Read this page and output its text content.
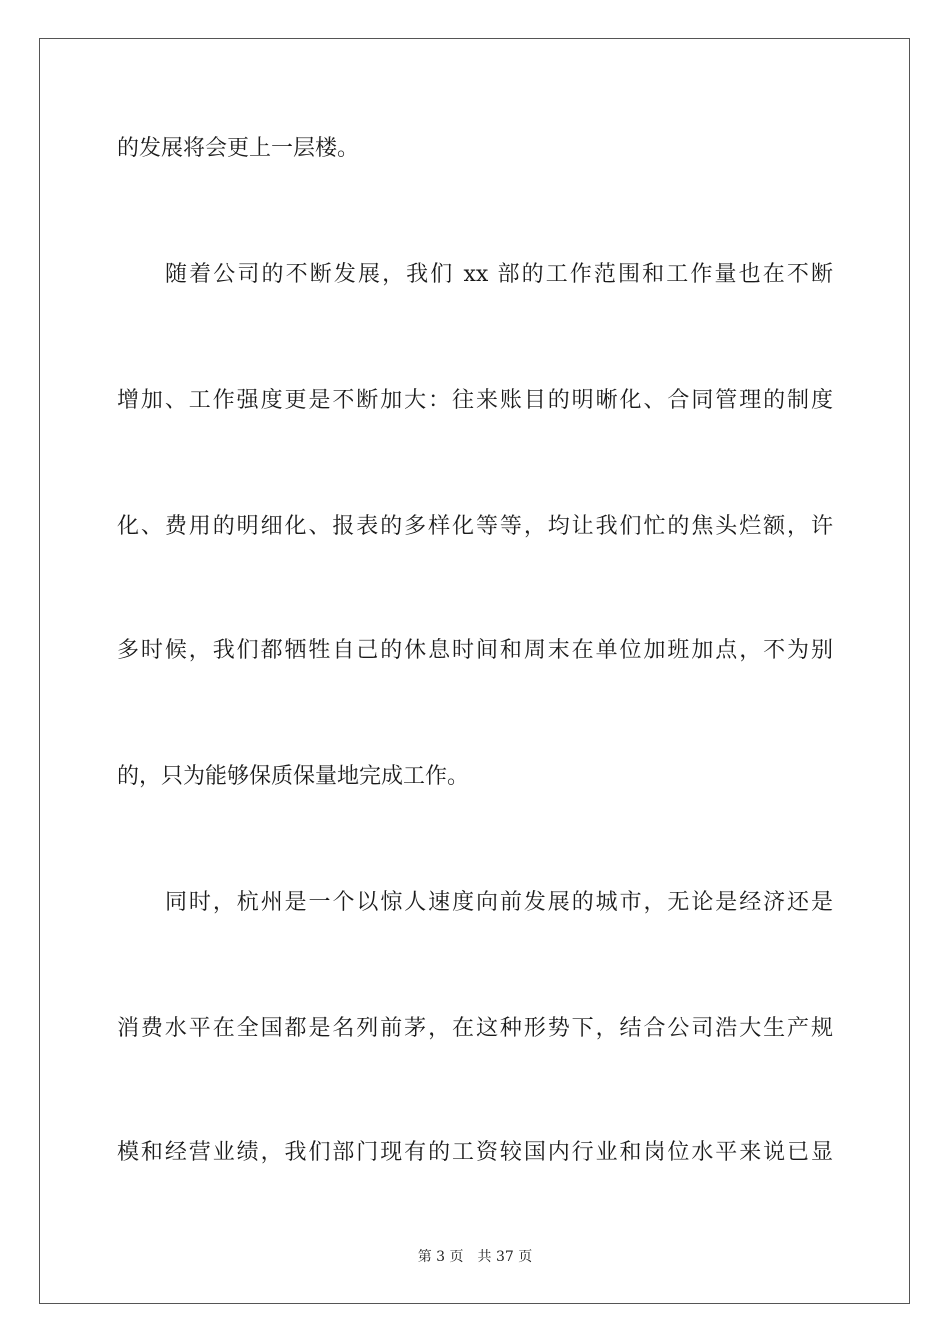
的发展将会更上一层楼。
随着公司的不断发展，我们 xx 部的工作范围和工作量也在不断
增加、工作强度更是不断加大：往来账目的明晰化、合同管理的制度
化、费用的明细化、报表的多样化等等，均让我们忙的焦头烂额，许
多时候，我们都牺牲自己的休息时间和周末在单位加班加点，不为别
的，只为能够保质保量地完成工作。
同时，杭州是一个以惊人速度向前发展的城市，无论是经济还是
消费水平在全国都是名列前茅，在这种形势下，结合公司浩大生产规
模和经营业绩，我们部门现有的工资较国内行业和岗位水平来说已显
第 3 页 共 37 页
